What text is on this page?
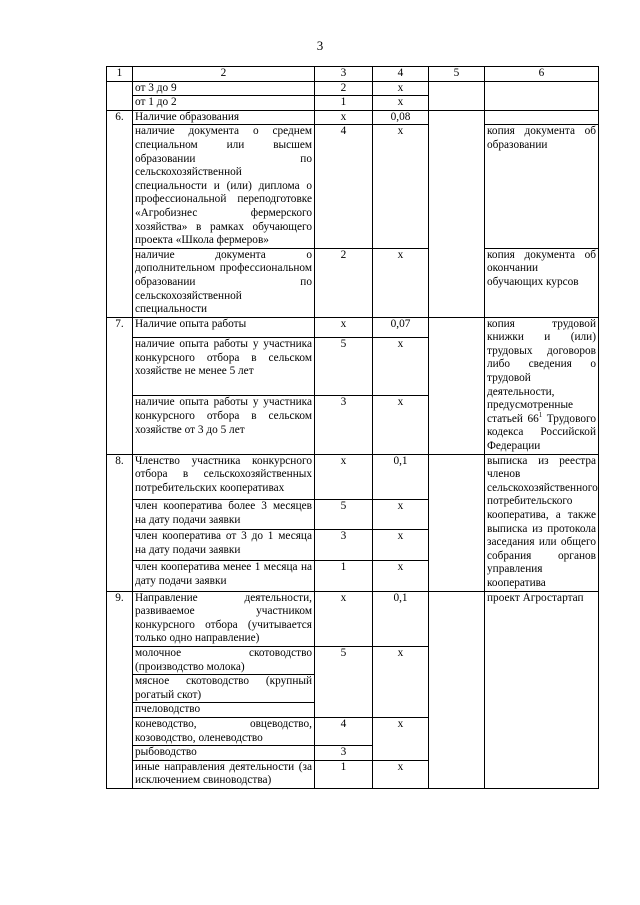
3
1	2	3	4	5	6
	от 3 до 9	2	х		
	от 1 до 2	1	х		
6.	Наличие образования	х	0,08		
	наличие документа о среднем специальном или высшем образовании по сельскохозяйственной специальности и (или) диплома о профессиональной переподготовке «Агробизнес фермерского хозяйства» в рамках обучающего проекта «Школа фермеров»	4	х		копия документа об образовании
	наличие документа о дополнительном профессиональном образовании по сельскохозяйственной специальности	2	х		копия документа об окончании обучающих курсов
7.	Наличие опыта работы	х	0,07		копия трудовой книжки и (или) трудовых договоров либо сведения о трудовой деятельности, предусмотренные статьей $66^1$ Трудового кодекса Российской Федерации
	наличие опыта работы у участника конкурсного отбора в сельском хозяйстве не менее 5 лет	5	х		
	наличие опыта работы у участника конкурсного отбора в сельском хозяйстве от 3 до 5 лет	3	х		
8.	Членство участника конкурсного отбора в сельскохозяйственных потребительских кооперативах	х	0,1		выписка из реестра членов сельскохозяйственного потребительского кооператива, а также выписка из протокола заседания или общего собрания органов управления кооператива
	член кооператива более 3 месяцев на дату подачи заявки	5	х		
	член кооператива от 3 до 1 месяца на дату подачи заявки	3	х		
	член кооператива менее 1 месяца на дату подачи заявки	1	х		
9.	Направление деятельности, развиваемое участником конкурсного отбора (учитывается только одно направление)	х	0,1		проект Агростартап
	молочное скотоводство (производство молока)	5	х		
	мясное скотоводство (крупный рогатый скот)				
	пчеловодство				
	коневодство, овцеводство, козоводство, оленеводство	4	х		
	рыбоводство	3			
	иные направления деятельности (за исключением свиноводства)	1	х		
